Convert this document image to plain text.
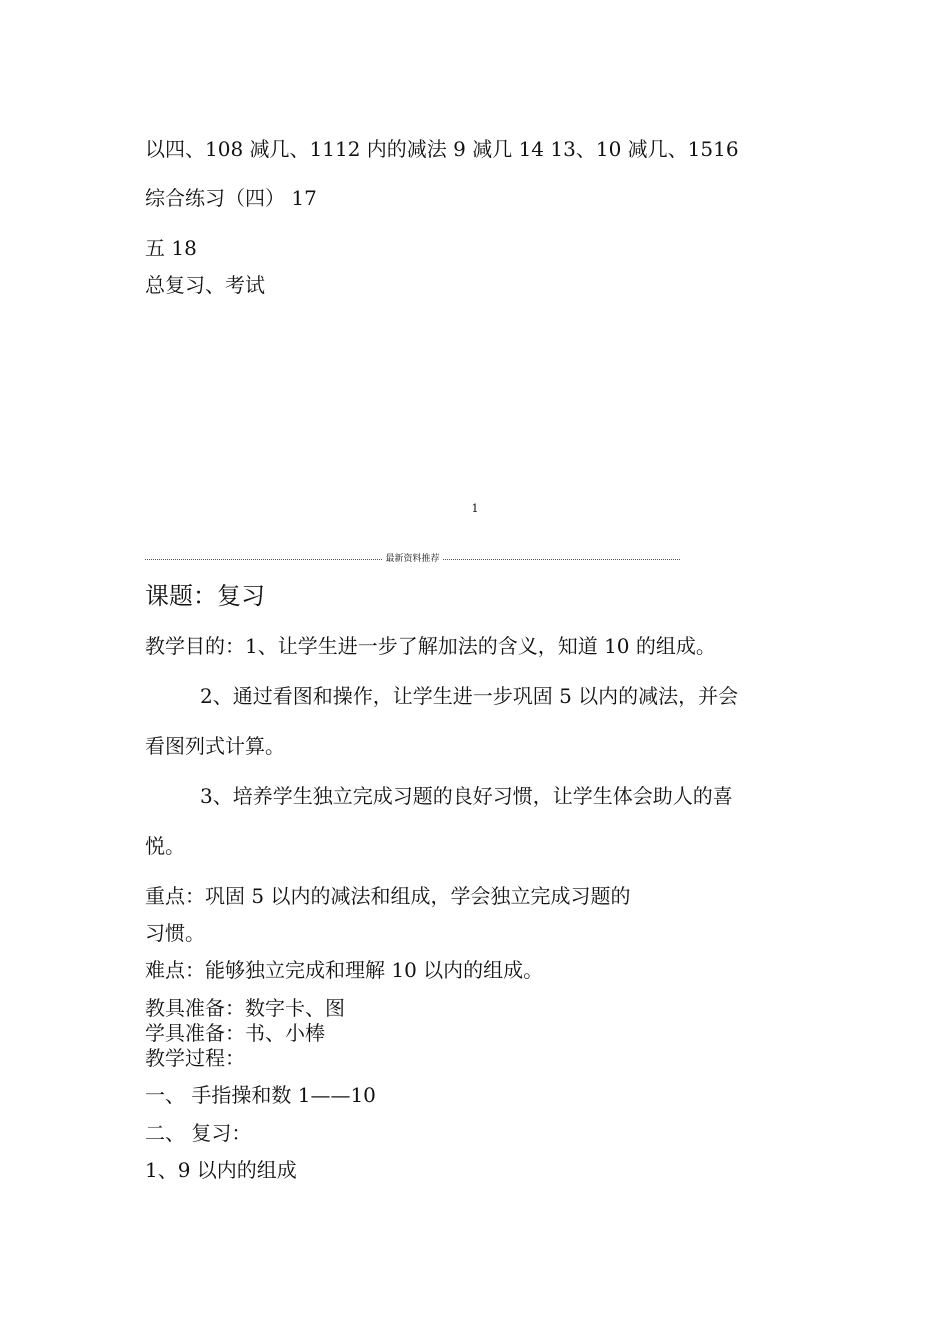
以四、108 减几、1112 内的减法 9 减几 14 13、10 减几、1516
综合练习（四） 17
五 18
总复习、考试
1
最新资料推荐
课题：复习
教学目的：1、让学生进一步了解加法的含义，知道 10 的组成。
2、通过看图和操作，让学生进一步巩固 5 以内的减法，并会
看图列式计算。
3、培养学生独立完成习题的良好习惯，让学生体会助人的喜
悦。
重点：巩固 5 以内的减法和组成，学会独立完成习题的
习惯。
难点：能够独立完成和理解 10 以内的组成。
教具准备：数字卡、图
学具准备：书、小棒
教学过程：
一、 手指操和数 1——10
二、 复习：
1、9 以内的组成
